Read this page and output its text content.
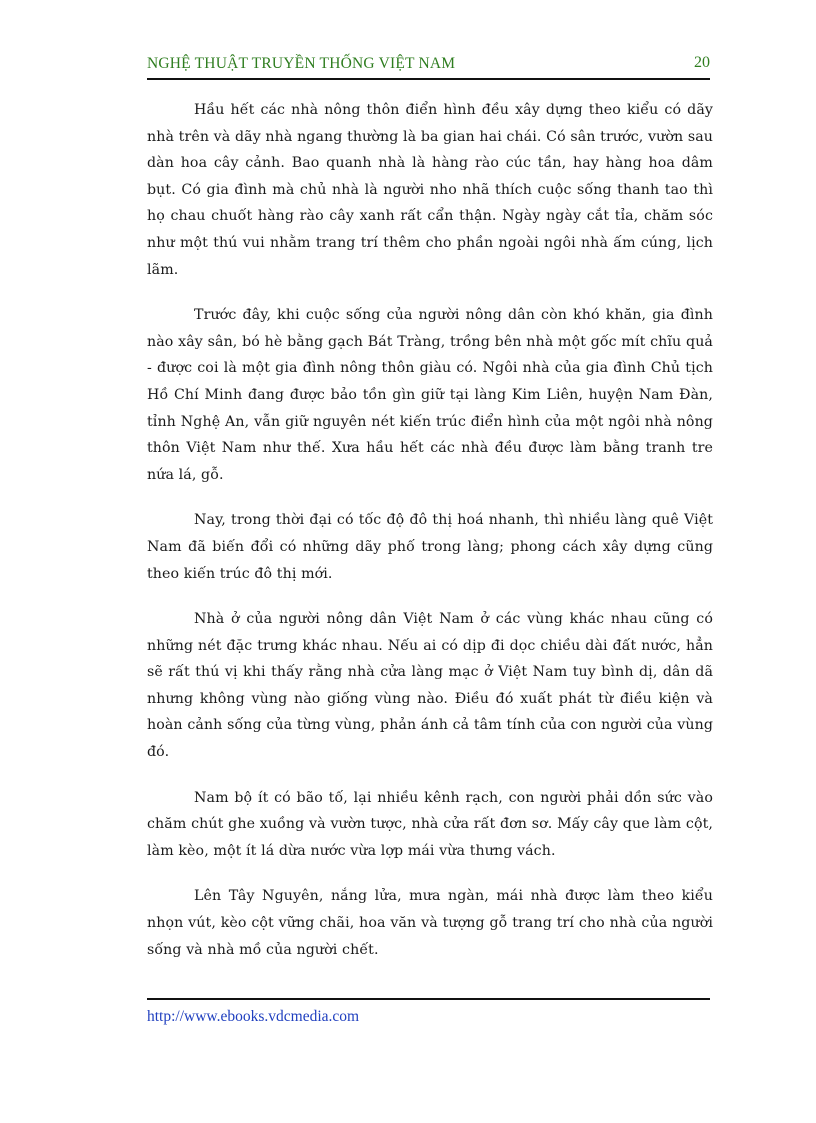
NGHỆ THUẬT TRUYỀN THỐNG VIỆT NAM	20

Hầu hết các nhà nông thôn điển hình đều xây dựng theo kiểu có dãy nhà trên và dãy nhà ngang thường là ba gian hai chái. Có sân trước, vườn sau dàn hoa cây cảnh. Bao quanh nhà là hàng rào cúc tần, hay hàng hoa dâm bụt. Có gia đình mà chủ nhà là người nho nhã thích cuộc sống thanh tao thì họ chau chuốt hàng rào cây xanh rất cẩn thận. Ngày ngày cắt tỉa, chăm sóc như một thú vui nhằm trang trí thêm cho phần ngoài ngôi nhà ấm cúng, lịch lãm.

Trước đây, khi cuộc sống của người nông dân còn khó khăn, gia đình nào xây sân, bó hè bằng gạch Bát Tràng, trồng bên nhà một gốc mít chĩu quả - được coi là một gia đình nông thôn giàu có. Ngôi nhà của gia đình Chủ tịch Hồ Chí Minh đang được bảo tồn gìn giữ tại làng Kim Liên, huyện Nam Đàn, tỉnh Nghệ An, vẫn giữ nguyên nét kiến trúc điển hình của một ngôi nhà nông thôn Việt Nam như thế. Xưa hầu hết các nhà đều được làm bằng tranh tre nứa lá, gỗ.

Nay, trong thời đại có tốc độ đô thị hoá nhanh, thì nhiều làng quê Việt Nam đã biến đổi có những dãy phố trong làng; phong cách xây dựng cũng theo kiến trúc đô thị mới.

Nhà ở của người nông dân Việt Nam ở các vùng khác nhau cũng có những nét đặc trưng khác nhau. Nếu ai có dịp đi dọc chiều dài đất nước, hẳn sẽ rất thú vị khi thấy rằng nhà cửa làng mạc ở Việt Nam tuy bình dị, dân dã nhưng không vùng nào giống vùng nào. Điều đó xuất phát từ điều kiện và hoàn cảnh sống của từng vùng, phản ánh cả tâm tính của con người của vùng đó.

Nam bộ ít có bão tố, lại nhiều kênh rạch, con người phải dồn sức vào chăm chút ghe xuồng và vườn tược, nhà cửa rất đơn sơ. Mấy cây que làm cột, làm kèo, một ít lá dừa nước vừa lợp mái vừa thưng vách.

Lên Tây Nguyên, nắng lửa, mưa ngàn, mái nhà được làm theo kiểu nhọn vút, kèo cột vững chãi, hoa văn và tượng gỗ trang trí cho nhà của người sống và nhà mồ của người chết.

http://www.ebooks.vdcmedia.com
